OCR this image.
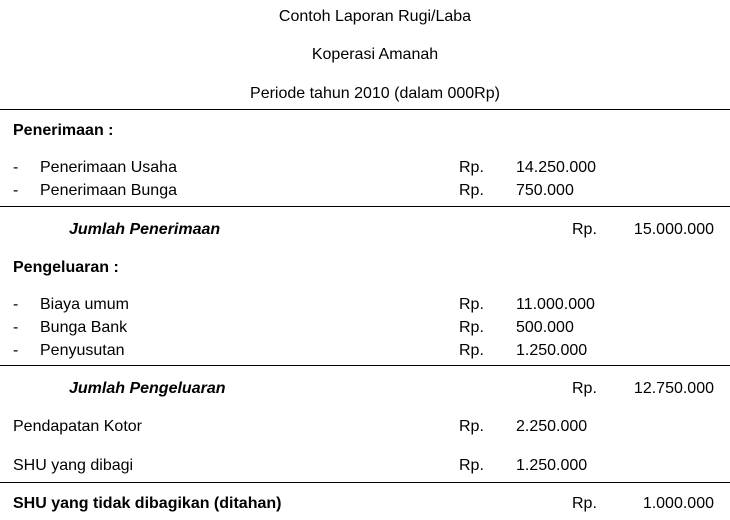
Contoh Laporan Rugi/Laba
Koperasi Amanah
Periode tahun 2010 (dalam 000Rp)
Penerimaan :
- Penerimaan Usaha	Rp. 14.250.000
- Penerimaan Bunga	Rp. 750.000
Jumlah Penerimaan	Rp. 15.000.000
Pengeluaran :
- Biaya umum	Rp. 11.000.000
- Bunga Bank	Rp. 500.000
- Penyusutan	Rp. 1.250.000
Jumlah Pengeluaran	Rp. 12.750.000
Pendapatan Kotor	Rp. 2.250.000
SHU yang dibagi	Rp. 1.250.000
SHU yang tidak dibagikan (ditahan)	Rp.	1.000.000
